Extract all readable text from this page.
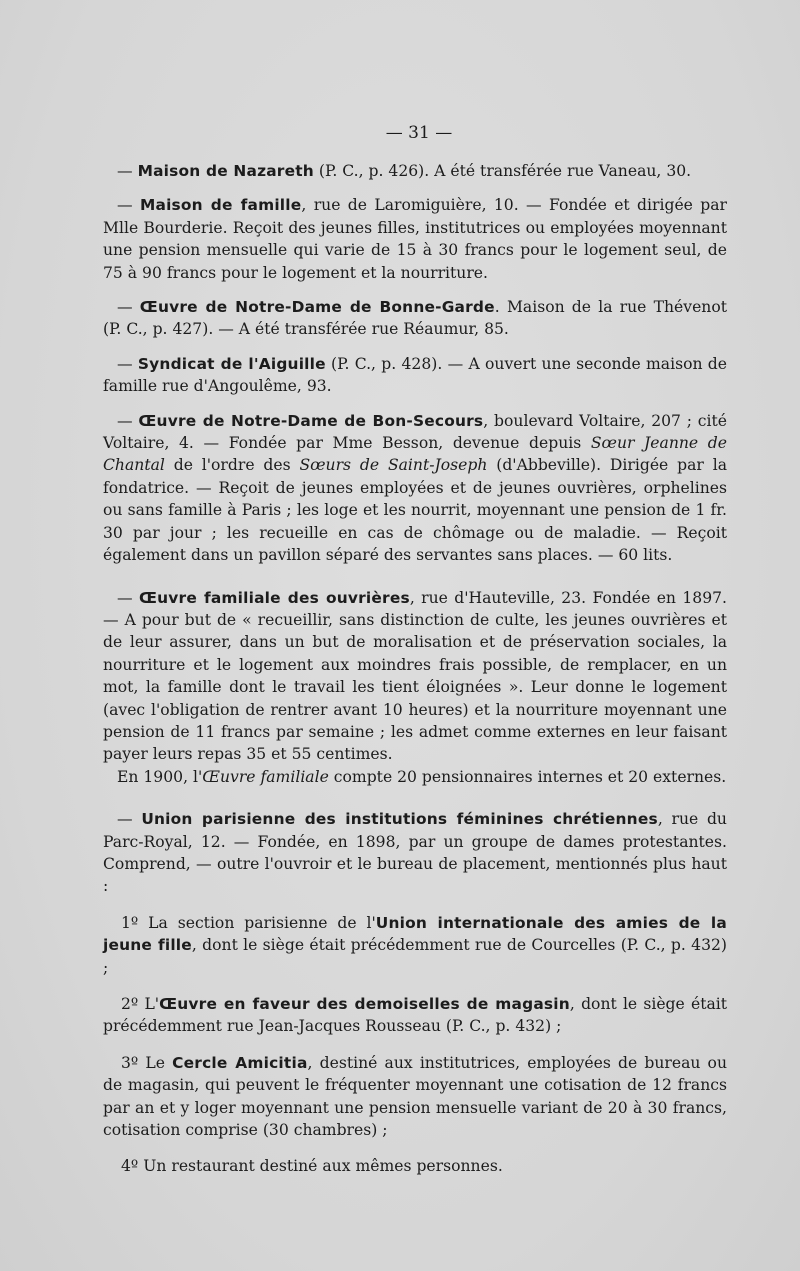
— 31 —

— Maison de Nazareth (P. C., p. 426). A été transférée rue Vaneau, 30.

— Maison de famille, rue de Laromiguière, 10. — Fondée et dirigée par Mlle Bourderie. Reçoit des jeunes filles, institutrices ou employées moyennant une pension mensuelle qui varie de 15 à 30 francs pour le logement seul, de 75 à 90 francs pour le logement et la nourriture.

— Œuvre de Notre-Dame de Bonne-Garde. Maison de la rue Thévenot (P. C., p. 427). — A été transférée rue Réaumur, 85.

— Syndicat de l'Aiguille (P. C., p. 428). — A ouvert une seconde maison de famille rue d'Angoulême, 93.

— Œuvre de Notre-Dame de Bon-Secours, boulevard Voltaire, 207 ; cité Voltaire, 4. — Fondée par Mme Besson, devenue depuis Sœur Jeanne de Chantal de l'ordre des Sœurs de Saint-Joseph (d'Abbeville). Dirigée par la fondatrice. — Reçoit de jeunes employées et de jeunes ouvrières, orphelines ou sans famille à Paris ; les loge et les nourrit, moyennant une pension de 1 fr. 30 par jour ; les recueille en cas de chômage ou de maladie. — Reçoit également dans un pavillon séparé des servantes sans places. — 60 lits.

— Œuvre familiale des ouvrières, rue d'Hauteville, 23. Fondée en 1897. — A pour but de « recueillir, sans distinction de culte, les jeunes ouvrières et de leur assurer, dans un but de moralisation et de préservation sociales, la nourriture et le logement aux moindres frais possible, de remplacer, en un mot, la famille dont le travail les tient éloignées ». Leur donne le logement (avec l'obligation de rentrer avant 10 heures) et la nourriture moyennant une pension de 11 francs par semaine ; les admet comme externes en leur faisant payer leurs repas 35 et 55 centimes.

En 1900, l'Œuvre familiale compte 20 pensionnaires internes et 20 externes.

— Union parisienne des institutions féminines chrétiennes, rue du Parc-Royal, 12. — Fondée, en 1898, par un groupe de dames protestantes. Comprend, — outre l'ouvroir et le bureau de placement, mentionnés plus haut :

1º La section parisienne de l'Union internationale des amies de la jeune fille, dont le siège était précédemment rue de Courcelles (P. C., p. 432) ;

2º L'Œuvre en faveur des demoiselles de magasin, dont le siège était précédemment rue Jean-Jacques Rousseau (P. C., p. 432) ;

3º Le Cercle Amicitia, destiné aux institutrices, employées de bureau ou de magasin, qui peuvent le fréquenter moyennant une cotisation de 12 francs par an et y loger moyennant une pension mensuelle variant de 20 à 30 francs, cotisation comprise (30 chambres) ;

4º Un restaurant destiné aux mêmes personnes.
